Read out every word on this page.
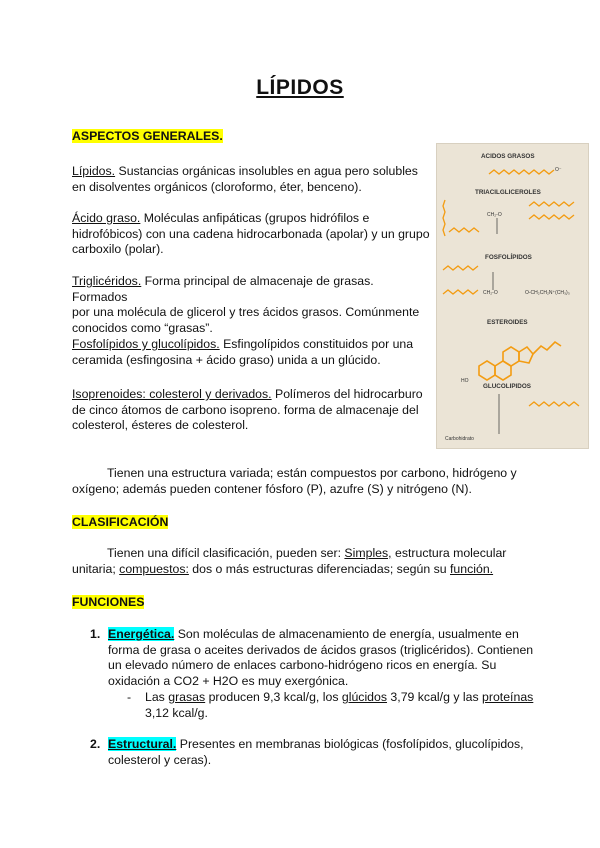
LÍPIDOS
ASPECTOS GENERALES.
Lípidos. Sustancias orgánicas insolubles en agua pero solubles
en disolventes orgánicos (cloroformo, éter, benceno).
Ácido graso. Moléculas anfipáticas (grupos hidrófilos e
hidrofóbicos) con una cadena hidrocarbonada (apolar) y un grupo
carboxilo (polar).
Triglicéridos. Forma principal de almacenaje de grasas. Formados
por una molécula de glicerol y tres ácidos grasos. Comúnmente
conocidos como “grasas”.
Fosfolípidos y glucolípidos. Esfingolípidos constituidos por una
ceramida (esfingosina + ácido graso) unida a un glúcido.
Isoprenoides: colesterol y derivados. Polímeros del hidrocarburo
de cinco átomos de carbono isopreno. forma de almacenaje del
colesterol, ésteres de colesterol.
ACIDOS GRASOS
O⁻
TRIACILGLICEROLES
CH₂-O
FOSFOLÍPIDOS
CH₂-O	O-CH₂CH₂N⁺(CH₃)₃
ESTEROIDES
HO
GLUCOLIPIDOS
Carbohidrato
Tienen una estructura variada; están compuestos por carbono, hidrógeno y
oxígeno; además pueden contener fósforo (P), azufre (S) y nitrógeno (N).
CLASIFICACIÓN
Tienen una difícil clasificación, pueden ser: Simples, estructura molecular
unitaria; compuestos: dos o más estructuras diferenciadas; según su función.
FUNCIONES
1. Energética. Son moléculas de almacenamiento de energía, usualmente en
forma de grasa o aceites derivados de ácidos grasos (triglicéridos). Contienen
un elevado número de enlaces carbono-hidrógeno ricos en energía. Su
oxidación a CO2 + H2O es muy exergónica.
- Las grasas producen 9,3 kcal/g, los glúcidos 3,79 kcal/g y las proteínas
3,12 kcal/g.
2. Estructural. Presentes en membranas biológicas (fosfolípidos, glucolípidos,
colesterol y ceras).
